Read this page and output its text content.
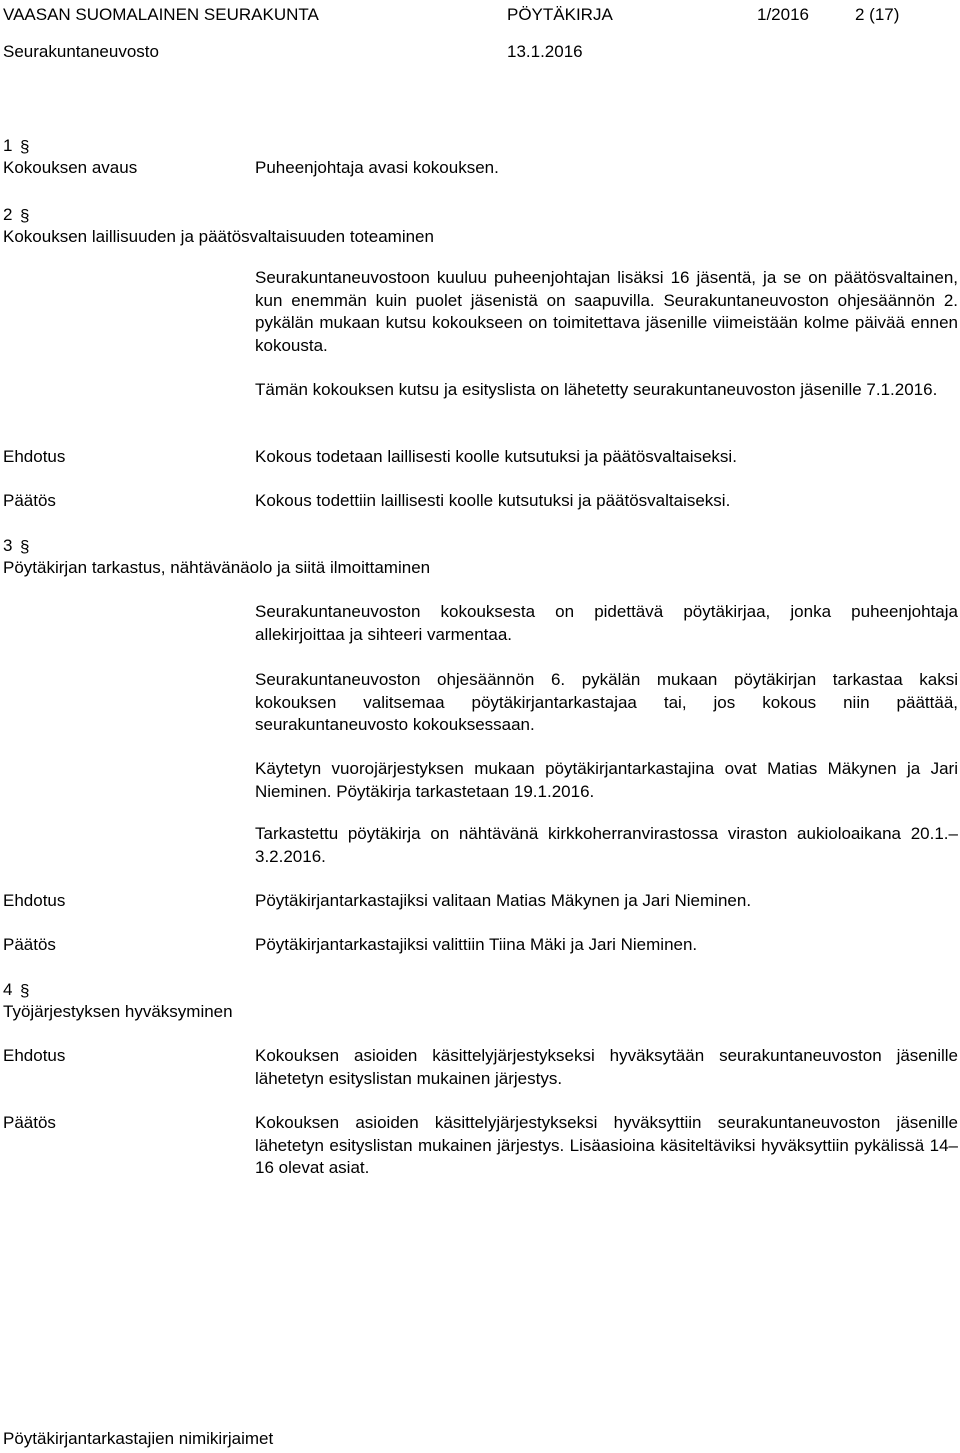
VAASAN SUOMALAINEN SEURAKUNTA	PÖYTÄKIRJA	1/2016	2 (17)
Seurakuntaneuvosto	13.1.2016
1 §
Kokouksen avaus	Puheenjohtaja avasi kokouksen.
2 §
Kokouksen laillisuuden ja päätösvaltaisuuden toteaminen

Seurakuntaneuvostoon kuuluu puheenjohtajan lisäksi 16 jäsentä, ja se on päätösvaltainen, kun enemmän kuin puolet jäsenistä on saapuvilla. Seurakuntaneuvoston ohjesäännön 2. pykälän mukaan kutsu kokoukseen on toimitettava jäsenille viimeistään kolme päivää ennen kokousta.

Tämän kokouksen kutsu ja esityslista on lähetetty seurakuntaneuvoston jäsenille 7.1.2016.

Ehdotus	Kokous todetaan laillisesti koolle kutsutuksi ja päätösvaltaiseksi.

Päätös	Kokous todettiin laillisesti koolle kutsutuksi ja päätösvaltaiseksi.

3 §
Pöytäkirjan tarkastus, nähtävänäolo ja siitä ilmoittaminen

Seurakuntaneuvoston kokouksesta on pidettävä pöytäkirjaa, jonka puheenjohtaja allekirjoittaa ja sihteeri varmentaa.

Seurakuntaneuvoston ohjesäännön 6. pykälän mukaan pöytäkirjan tarkastaa kaksi kokouksen valitsemaa pöytäkirjantarkastajaa tai, jos kokous niin päättää, seurakuntaneuvosto kokouksessaan.

Käytetyn vuorojärjestyksen mukaan pöytäkirjantarkastajina ovat Matias Mäkynen ja Jari Nieminen. Pöytäkirja tarkastetaan 19.1.2016.

Tarkastettu pöytäkirja on nähtävänä kirkkoherranvirastossa viraston aukioloaikana 20.1.–3.2.2016.

Ehdotus	Pöytäkirjantarkastajiksi valitaan Matias Mäkynen ja Jari Nieminen.

Päätös	Pöytäkirjantarkastajiksi valittiin Tiina Mäki ja Jari Nieminen.

4 §
Työjärjestyksen hyväksyminen
Ehdotus	Kokouksen asioiden käsittelyjärjestykseksi hyväksytään seurakuntaneuvoston jäsenille lähetetyn esityslistan mukainen järjestys.

Päätös	Kokouksen asioiden käsittelyjärjestykseksi hyväksyttiin seurakuntaneuvoston jäsenille lähetetyn esityslistan mukainen järjestys. Lisäasioina käsiteltäviksi hyväksyttiin pykälissä 14–16 olevat asiat.

Pöytäkirjantarkastajien nimikirjaimet
